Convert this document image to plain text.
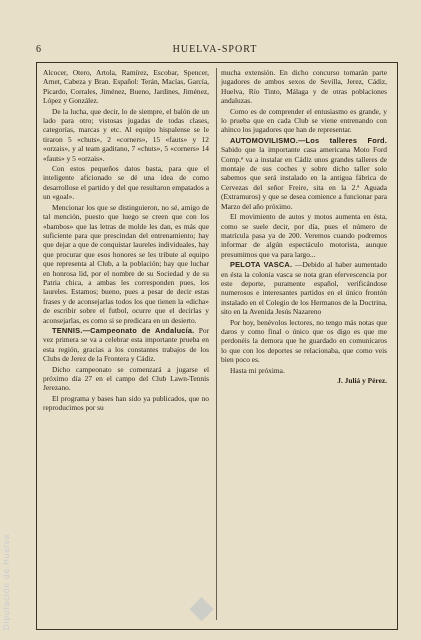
6	HUELVA-SPORT

Alcocer, Otero, Artola, Ramírez, Escobar, Spencer, Arnet, Cabeza y Bran. Español: Terán, Macías, García, Picardo, Corrales, Jiménez, Bueno, Jardines, Jiménez, López y González.

De la lucha, que decir, lo de siempre, el balón de un lado para otro; vistosas jugadas de todas clases, categorías, marcas y etc. Al equipo hispalense se le tiraron 5 «chuts», 2 «corners», 15 «fauts» y 12 «orzais», y al team gaditano, 7 «chuts», 5 «corners» 14 «fauts» y 5 «orzais».

Con estos pequeños datos basta, para que el inteligente aficionado se dé una idea de como desarrollose el partido y del que resultaron empatados a un «goal».

Mencionar los que se distinguieron, no sé, amigo de tal mención, puesto que luego se creen que con los «bambos» que las letras de molde les dan, es más que suficiente para que prescindan del entrenamiento; hay que dejar a que de conquistar laureles individuales, hay que procurar que esos honores se les tribute al equipo que representa al Club, a la población; hay que luchar en honrosa lid, por el nombre de su Sociedad y de su Patria chica, a ambas les corresponden pues, los laureles. Estamos; bueno, pues a pesar de decir estas frases y de aconsejarlas todos los que tienen la «dicha» de escribir sobre el futbol, ocurre que el decirlas y aconsejarlas, es como si se predicara en un desierto.

TENNIS.—Campeonato de Andalucía. Por vez primera se va a celebrar esta importante prueba en esta región, gracias a los constantes trabajos de los Clubs de Jerez de la Frontera y Cádiz.

Dicho campeonato se comenzará a jugarse el próximo día 27 en el campo del Club Lawn-Tennis Jerezano.

El programa y bases han sido ya publicados, que no reproducimos por su

mucha extensión. En dicho concurso tomarán parte jugadores de ambos sexos de Sevilla, Jerez, Cádiz, Huelva, Río Tinto, Málaga y de otras poblaciones andaluzas.

Como es de comprender el entusiasmo es grande, y lo prueba que en cada Club se viene entrenando con ahinco los jugadores que han de representar.

AUTOMOVILISMO.—Los talleres Ford. Sabido que la importante casa americana Moto Ford Comp.ª va a instalar en Cádiz unos grandes talleres de montaje de sus coches y sobre dicho taller solo sabemos que será instalado en la antigua fábrica de Cervezas del señor Freire, sita en la 2.ª Aguada (Extramuros) y que se desea comience a funcionar para Marzo del año próximo.

El movimiento de autos y motos aumenta en ésta, como se suele decir, por día, pues el número de matrícula pasa ya de 200. Veremos cuando podremos informar de algún espectáculo motorista, aunque presumimos que va para largo...

PELOTA VASCA. —Debido al haber aumentado en ésta la colonia vasca se nota gran efervescencia por este deporte, puramente español, verificándose numerosos e interesantes partidos en el único frontón instalado en el Colegio de los Hermanos de la Doctrina, sito en la Avenida Jesús Nazareno

Por hoy, benévolos lectores, no tengo más notas que daros y como final o único que os digo es que me perdonéis la demora que he guardado en comunicaros lo que con los deportes se relacionaba, que como veis bien poco es.

Hasta mi próxima.

J. Juliá y Pérez.

Diputación de Huelva	◆
